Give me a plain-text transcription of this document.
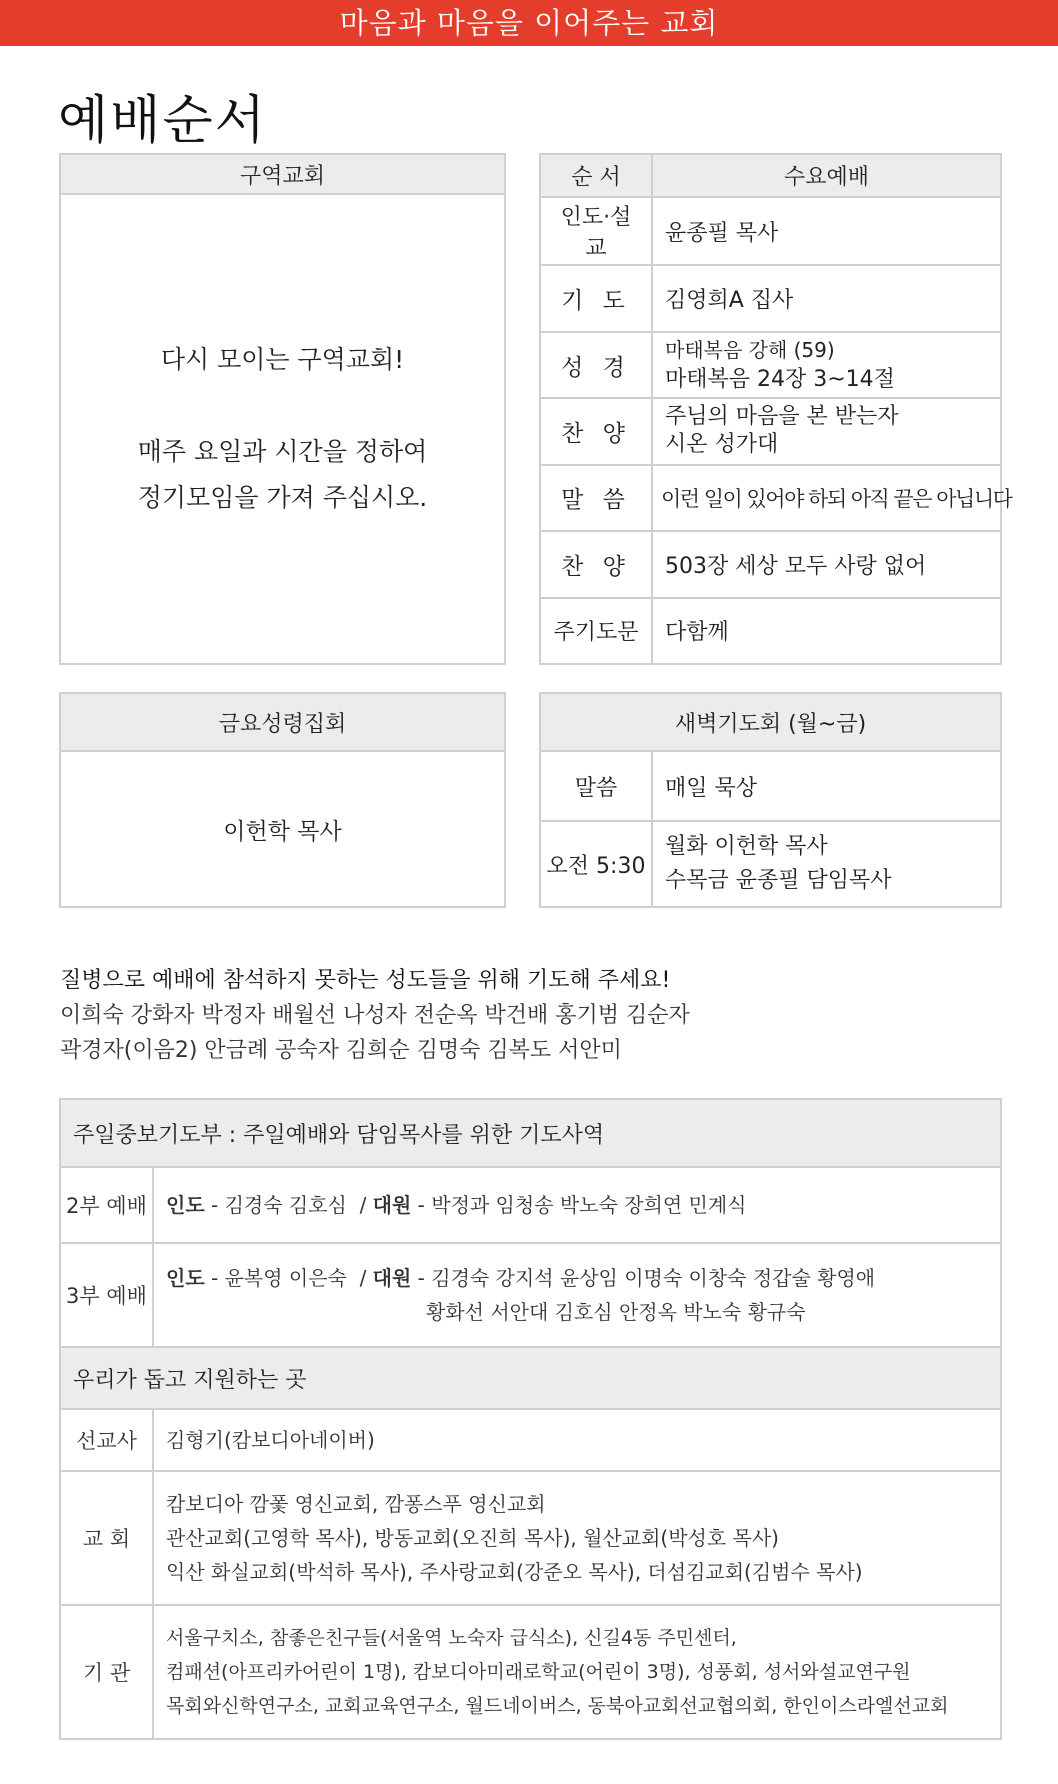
마음과 마음을 이어주는 교회
예배순서
구역교회

다시 모이는 구역교회!
매주 요일과 시간을 정하여
정기모임을 가져 주십시오.
순 서	수요예배
인도·설교	윤종필 목사
기 도	김영희A 집사
성 경	마태복음 강해 (59)
마태복음 24장 3~14절

찬 양	주님의 마음을 본 받는자
시온 성가대

말 씀	이런 일이 있어야 하되 아직 끝은 아닙니다
찬 양	503장 세상 모두 사랑 없어
주기도문	다함께
금요성령집회
이헌학 목사
새벽기도회 (월~금)	
말씀	매일 묵상
오전 5:30	월화 이헌학 목사
수목금 윤종필 담임목사
질병으로 예배에 참석하지 못하는 성도들을 위해 기도해 주세요!
이희숙 강화자 박정자 배월선 나성자 전순옥 박건배 홍기범 김순자
곽경자(이음2) 안금례 공숙자 김희순 김명숙 김복도 서안미
주일중보기도부 : 주일예배와 담임목사를 위한 기도사역	
2부 예배	인도 - 김경숙 김호심  / 대원 - 박정과 임청송 박노숙 장희연 민계식
3부 예배	인도 - 윤복영 이은숙  / 대원 - 김경숙 강지석 윤상임 이명숙 이창숙 정갑술 황영애
황화선 서안대 김호심 안정옥 박노숙 황규숙

우리가 돕고 지원하는 곳	
선교사	김형기(캄보디아네이버)

교 회	캄보디아 깜퐃 영신교회, 깜퐁스푸 영신교회
관산교회(고영학 목사), 방동교회(오진희 목사), 월산교회(박성호 목사)
익산 화실교회(박석하 목사), 주사랑교회(강준오 목사), 더섬김교회(김범수 목사)

기 관	서울구치소, 참좋은친구들(서울역 노숙자 급식소), 신길4동 주민센터,
컴패션(아프리카어린이 1명), 캄보디아미래로학교(어린이 3명), 성풍회, 성서와설교연구원
목회와신학연구소, 교회교육연구소, 월드네이버스, 동북아교회선교협의회, 한인이스라엘선교회
